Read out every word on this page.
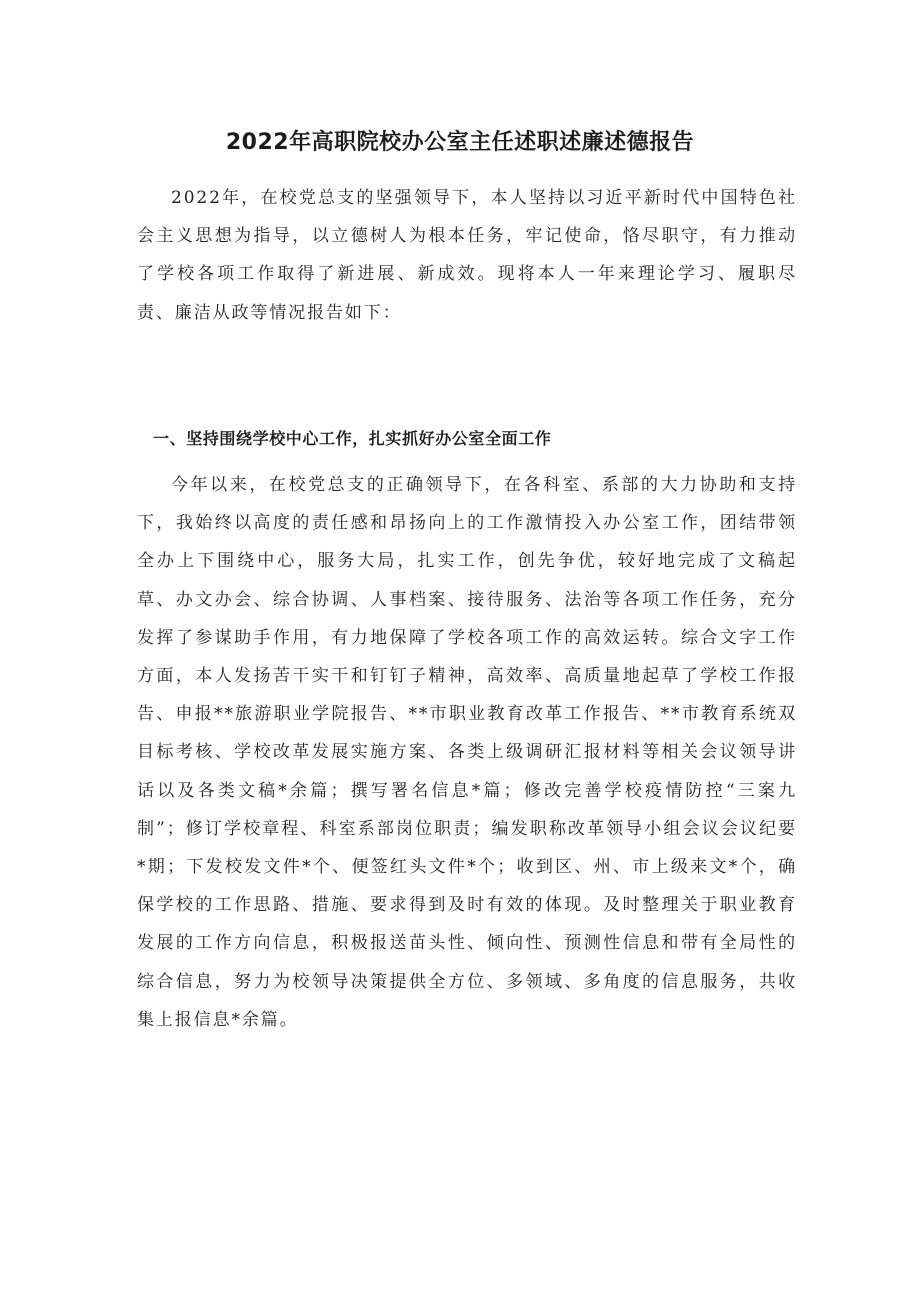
2022年高职院校办公室主任述职述廉述德报告

2022年，在校党总支的坚强领导下，本人坚持以习近平新时代中国特色社会主义思想为指导，以立德树人为根本任务，牢记使命，恪尽职守，有力推动了学校各项工作取得了新进展、新成效。现将本人一年来理论学习、履职尽责、廉洁从政等情况报告如下：

一、坚持围绕学校中心工作，扎实抓好办公室全面工作

今年以来，在校党总支的正确领导下，在各科室、系部的大力协助和支持下，我始终以高度的责任感和昂扬向上的工作激情投入办公室工作，团结带领全办上下围绕中心，服务大局，扎实工作，创先争优，较好地完成了文稿起草、办文办会、综合协调、人事档案、接待服务、法治等各项工作任务，充分发挥了参谋助手作用，有力地保障了学校各项工作的高效运转。综合文字工作方面，本人发扬苦干实干和钉钉子精神，高效率、高质量地起草了学校工作报告、申报**旅游职业学院报告、**市职业教育改革工作报告、**市教育系统双目标考核、学校改革发展实施方案、各类上级调研汇报材料等相关会议领导讲话以及各类文稿*余篇；撰写署名信息*篇；修改完善学校疫情防控“三案九制”；修订学校章程、科室系部岗位职责；编发职称改革领导小组会议会议纪要*期；下发校发文件*个、便签红头文件*个；收到区、州、市上级来文*个，确保学校的工作思路、措施、要求得到及时有效的体现。及时整理关于职业教育发展的工作方向信息，积极报送苗头性、倾向性、预测性信息和带有全局性的综合信息，努力为校领导决策提供全方位、多领域、多角度的信息服务，共收集上报信息*余篇。
